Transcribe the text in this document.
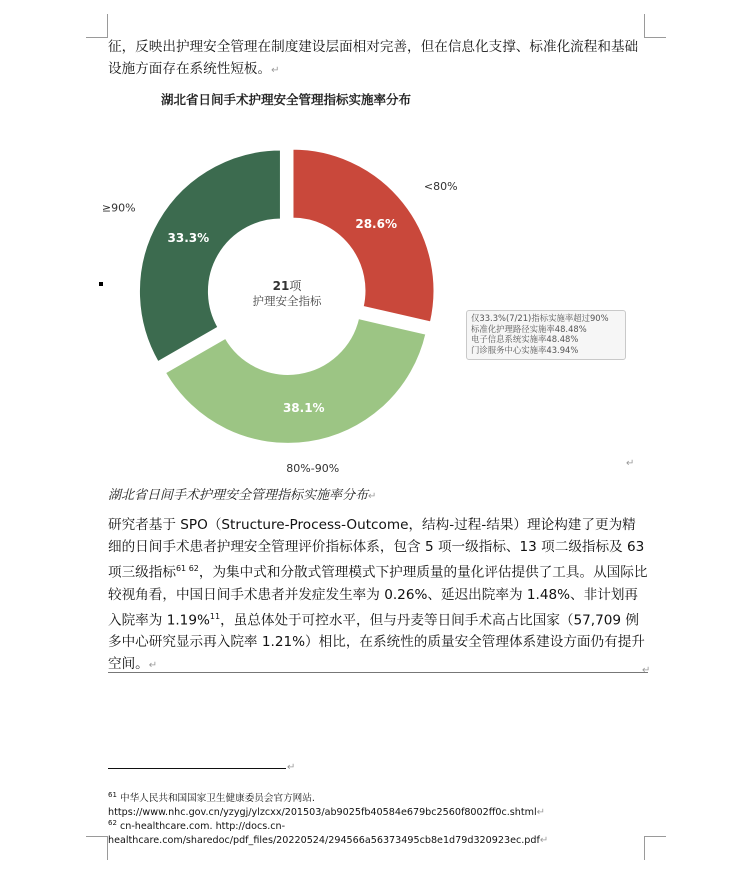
征，反映出护理安全管理在制度建设层面相对完善，但在信息化支撑、标准化流程和基础设施方面存在系统性短板。↵
湖北省日间手术护理安全管理指标实施率分布
21项
护理安全指标
28.6%
<80%
38.1%
80%-90%
33.3%
≥90%
仅33.3%(7/21)指标实施率超过90%
标准化护理路径实施率48.48%
电子信息系统实施率48.48%
门诊服务中心实施率43.94%
↵
湖北省日间手术护理安全管理指标实施率分布↵
研究者基于 SPO（Structure-Process-Outcome，结构-过程-结果）理论构建了更为精细的日间手术患者护理安全管理评价指标体系，包含 5 项一级指标、13 项二级指标及 63 项三级指标$^{61 62}$，为集中式和分散式管理模式下护理质量的量化评估提供了工具。从国际比较视角看，中国日间手术患者并发症发生率为 0.26%、延迟出院率为 1.48%、非计划再入院率为 1.19%$^{11}$，虽总体处于可控水平，但与丹麦等日间手术高占比国家（57,709 例多中心研究显示再入院率 1.21%）相比，在系统性的质量安全管理体系建设方面仍有提升空间。↵	↵
↵
$^{61}$ 中华人民共和国国家卫生健康委员会官方网站.
https://www.nhc.gov.cn/yzygj/ylzcxx/201503/ab9025fb40584e679bc2560f8002ff0c.shtml↵
$^{62}$ cn-healthcare.com. http://docs.cn-
healthcare.com/sharedoc/pdf_files/20220524/294566a56373495cb8e1d79d320923ec.pdf↵
